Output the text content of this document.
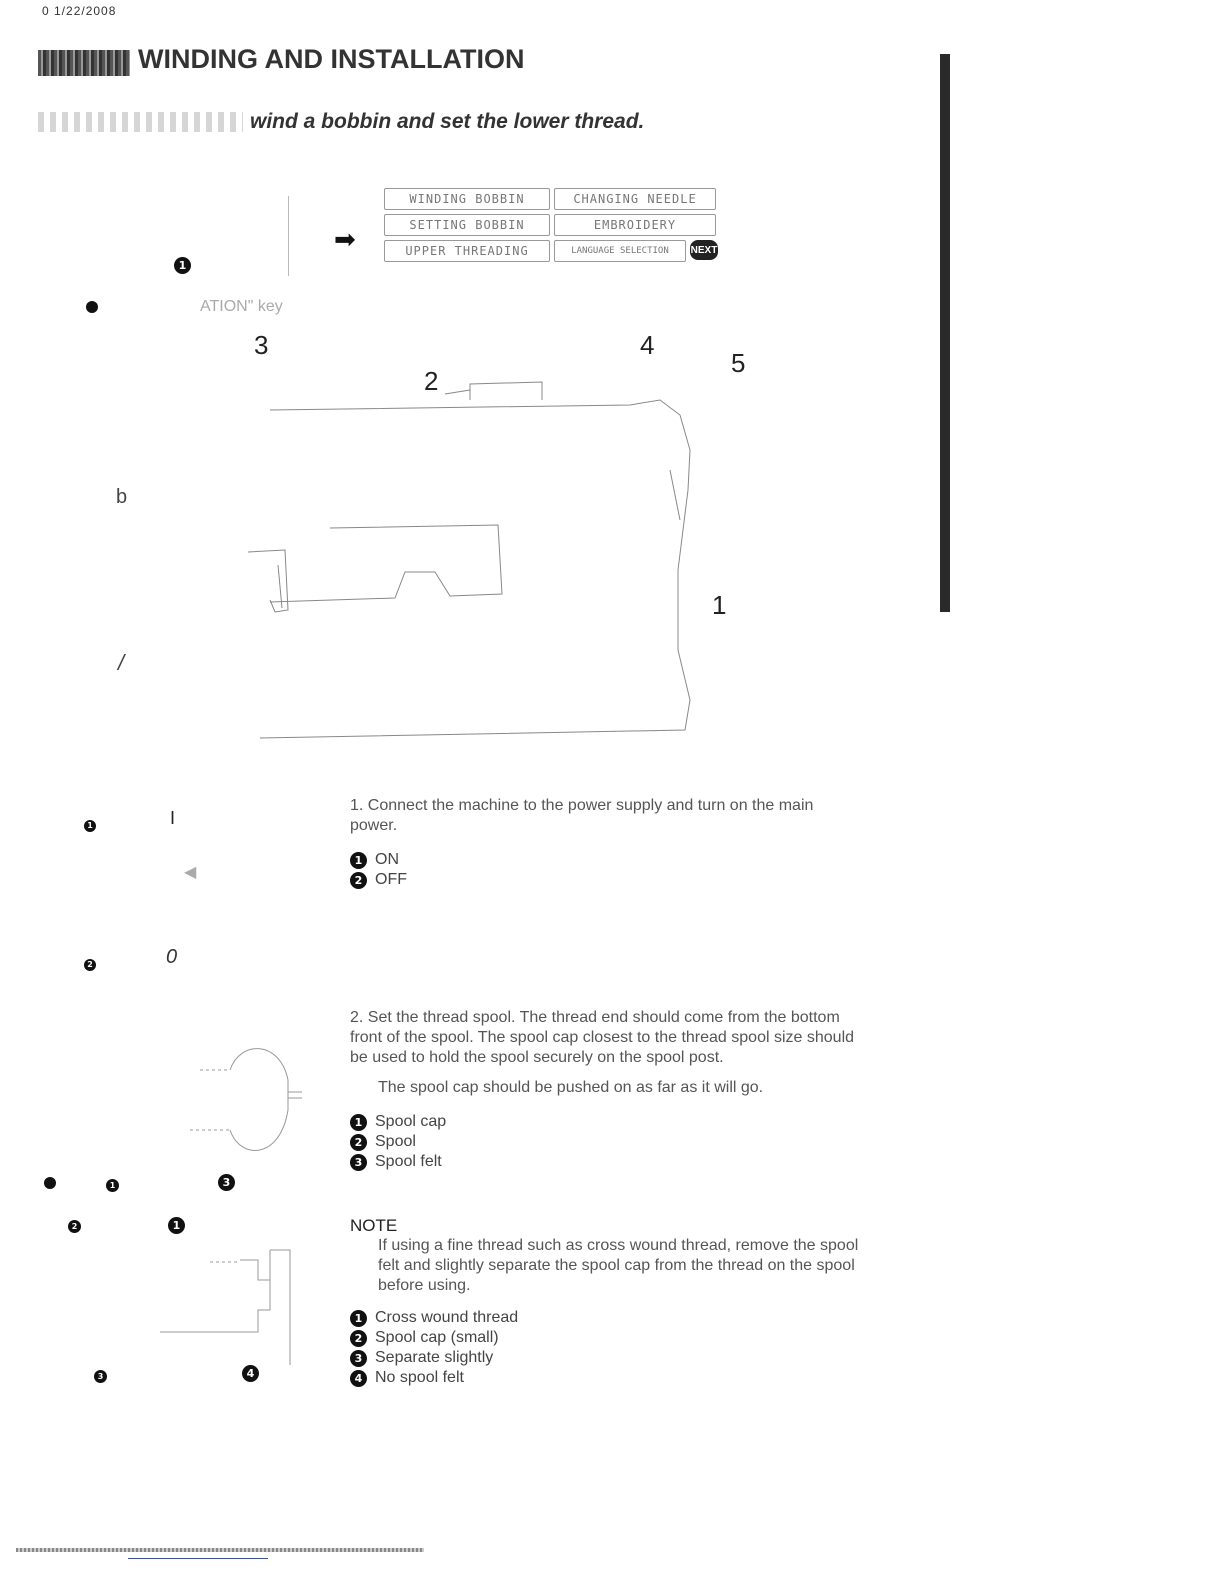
0 1/22/2008
WINDING AND INSTALLATION
wind a bobbin and set the lower thread.
➡
1
WINDING BOBBIN	CHANGING NEEDLE
SETTING BOBBIN	EMBROIDERY
UPPER THREADING	LANGUAGE SELECTION	NEXT
ATION" key
3	4
5
2
1
b
/
1	I
◀
2	0
1. Connect the machine to the power supply and turn on the main power.
1 ON
2 OFF
1	3
2. Set the thread spool. The thread end should come from the bottom front of the spool. The spool cap closest to the thread spool size should be used to hold the spool securely on the spool post.
The spool cap should be pushed on as far as it will go.
1 Spool cap
2 Spool
3 Spool felt
2	1
3	4
NOTE
If using a fine thread such as cross wound thread, remove the spool felt and slightly separate the spool cap from the thread on the spool before using.
1 Cross wound thread
2 Spool cap (small)
3 Separate slightly
4 No spool felt
